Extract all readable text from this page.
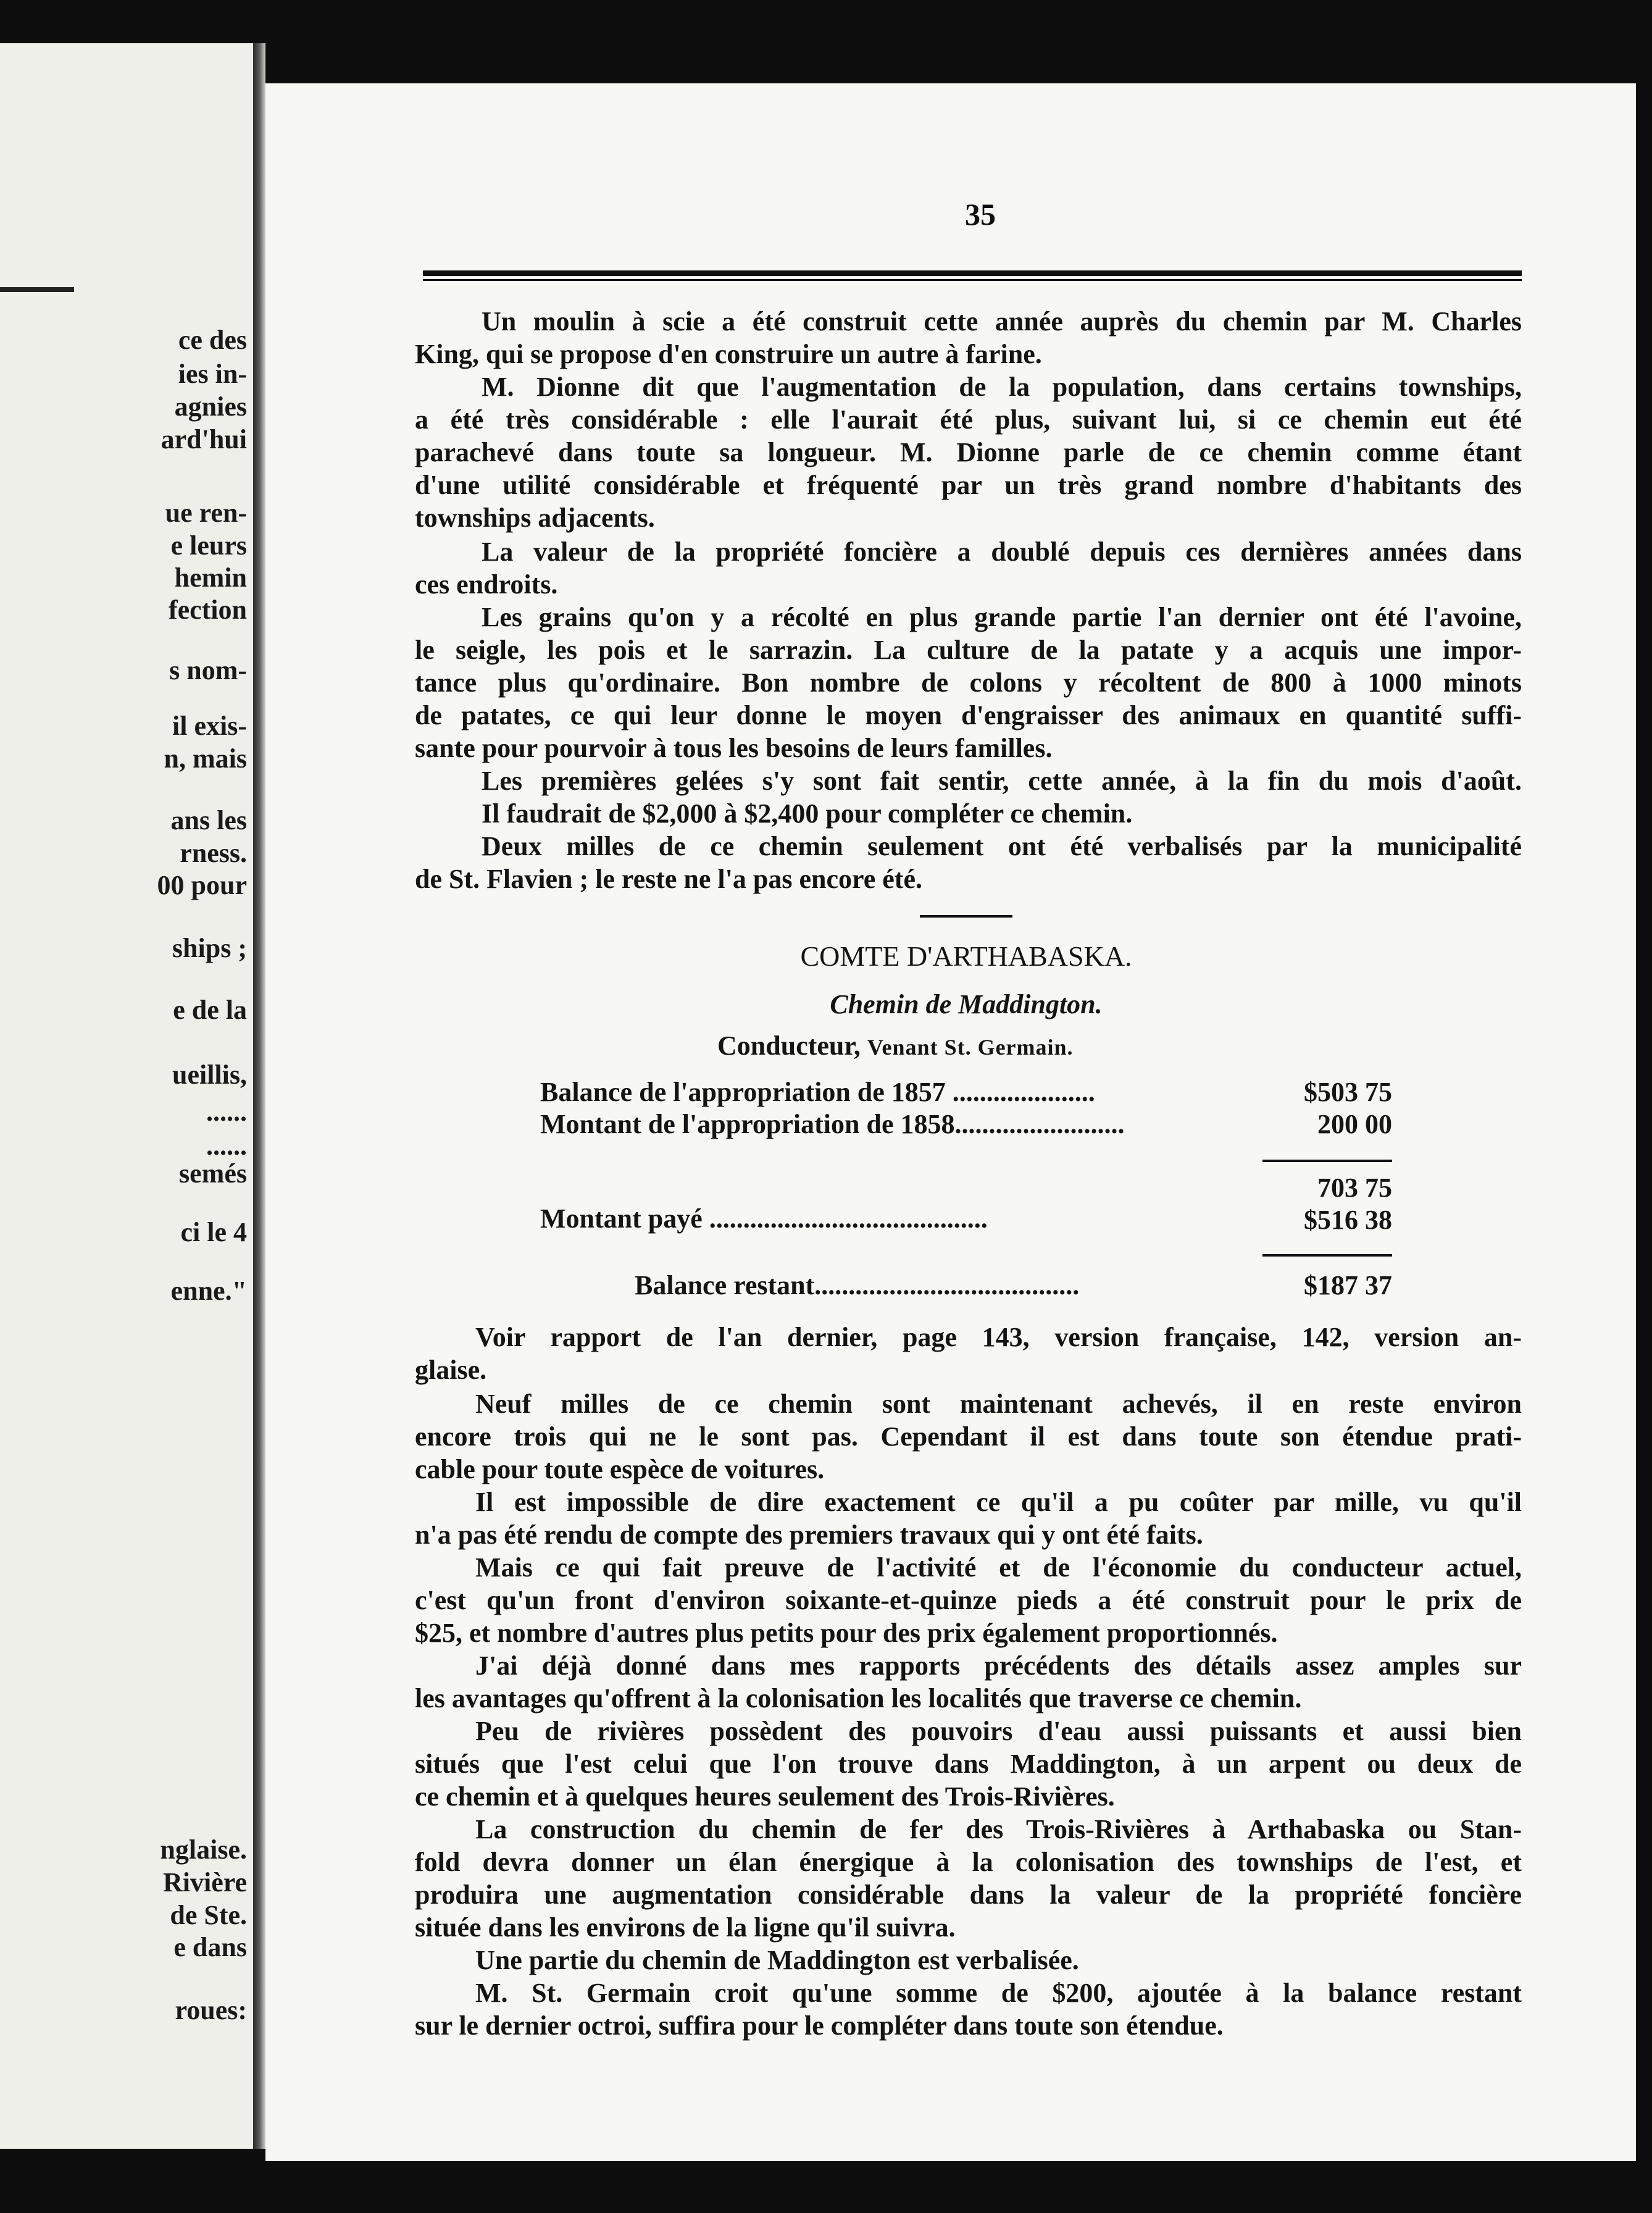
ce des
ies in-
agnies
ard'hui
ue ren-
e leurs
hemin
fection
s nom-
il exis-
n, mais
ans les
rness.
00 pour
ships ;
e de la
ueillis,
......
......
semés
ci le 4
enne."
nglaise.
Rivière
de Ste.
e dans
roues:
35
Un moulin à scie a été construit cette année auprès du chemin par M. Charles
King, qui se propose d'en construire un autre à farine.
M. Dionne dit que l'augmentation de la population, dans certains townships,
a été très considérable : elle l'aurait été plus, suivant lui, si ce chemin eut été
parachevé dans toute sa longueur. M. Dionne parle de ce chemin comme étant
d'une utilité considérable et fréquenté par un très grand nombre d'habitants des
townships adjacents.
La valeur de la propriété foncière a doublé depuis ces dernières années dans
ces endroits.
Les grains qu'on y a récolté en plus grande partie l'an dernier ont été l'avoine,
le seigle, les pois et le sarrazin. La culture de la patate y a acquis une impor-
tance plus qu'ordinaire. Bon nombre de colons y récoltent de 800 à 1000 minots
de patates, ce qui leur donne le moyen d'engraisser des animaux en quantité suffi-
sante pour pourvoir à tous les besoins de leurs familles.
Les premières gelées s'y sont fait sentir, cette année, à la fin du mois d'août.
Il faudrait de $2,000 à $2,400 pour compléter ce chemin.
Deux milles de ce chemin seulement ont été verbalisés par la municipalité
de St. Flavien ; le reste ne l'a pas encore été.
COMTE D'ARTHABASKA.
Chemin de Maddington.
Conducteur, Venant St. Germain.
Balance de l'appropriation de 1857 .....................	$503 75
Montant de l'appropriation de 1858.........................	200 00
703 75
Montant payé .........................................	$516 38
Balance restant.......................................	$187 37
Voir rapport de l'an dernier, page 143, version française, 142, version an-
glaise.
Neuf milles de ce chemin sont maintenant achevés, il en reste environ
encore trois qui ne le sont pas. Cependant il est dans toute son étendue prati-
cable pour toute espèce de voitures.
Il est impossible de dire exactement ce qu'il a pu coûter par mille, vu qu'il
n'a pas été rendu de compte des premiers travaux qui y ont été faits.
Mais ce qui fait preuve de l'activité et de l'économie du conducteur actuel,
c'est qu'un front d'environ soixante-et-quinze pieds a été construit pour le prix de
$25, et nombre d'autres plus petits pour des prix également proportionnés.
J'ai déjà donné dans mes rapports précédents des détails assez amples sur
les avantages qu'offrent à la colonisation les localités que traverse ce chemin.
Peu de rivières possèdent des pouvoirs d'eau aussi puissants et aussi bien
situés que l'est celui que l'on trouve dans Maddington, à un arpent ou deux de
ce chemin et à quelques heures seulement des Trois-Rivières.
La construction du chemin de fer des Trois-Rivières à Arthabaska ou Stan-
fold devra donner un élan énergique à la colonisation des townships de l'est, et
produira une augmentation considérable dans la valeur de la propriété foncière
située dans les environs de la ligne qu'il suivra.
Une partie du chemin de Maddington est verbalisée.
M. St. Germain croit qu'une somme de $200, ajoutée à la balance restant
sur le dernier octroi, suffira pour le compléter dans toute son étendue.
